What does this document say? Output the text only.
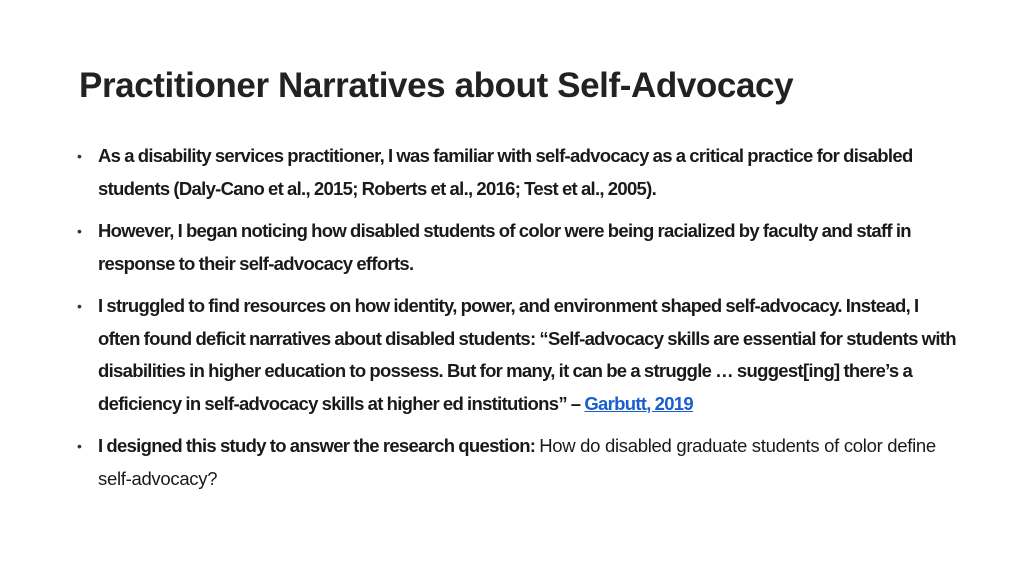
Practitioner Narratives about Self-Advocacy
• As a disability services practitioner, I was familiar with self-advocacy as a critical practice for disabled students (Daly-Cano et al., 2015; Roberts et al., 2016; Test et al., 2005).
• However, I began noticing how disabled students of color were being racialized by faculty and staff in response to their self-advocacy efforts.
• I struggled to find resources on how identity, power, and environment shaped self-advocacy. Instead, I often found deficit narratives about disabled students: “Self-advocacy skills are essential for students with disabilities in higher education to possess. But for many, it can be a struggle … suggest[ing] there’s a deficiency in self-advocacy skills at higher ed institutions” – Garbutt, 2019
• I designed this study to answer the research question: How do disabled graduate students of color define self-advocacy?
